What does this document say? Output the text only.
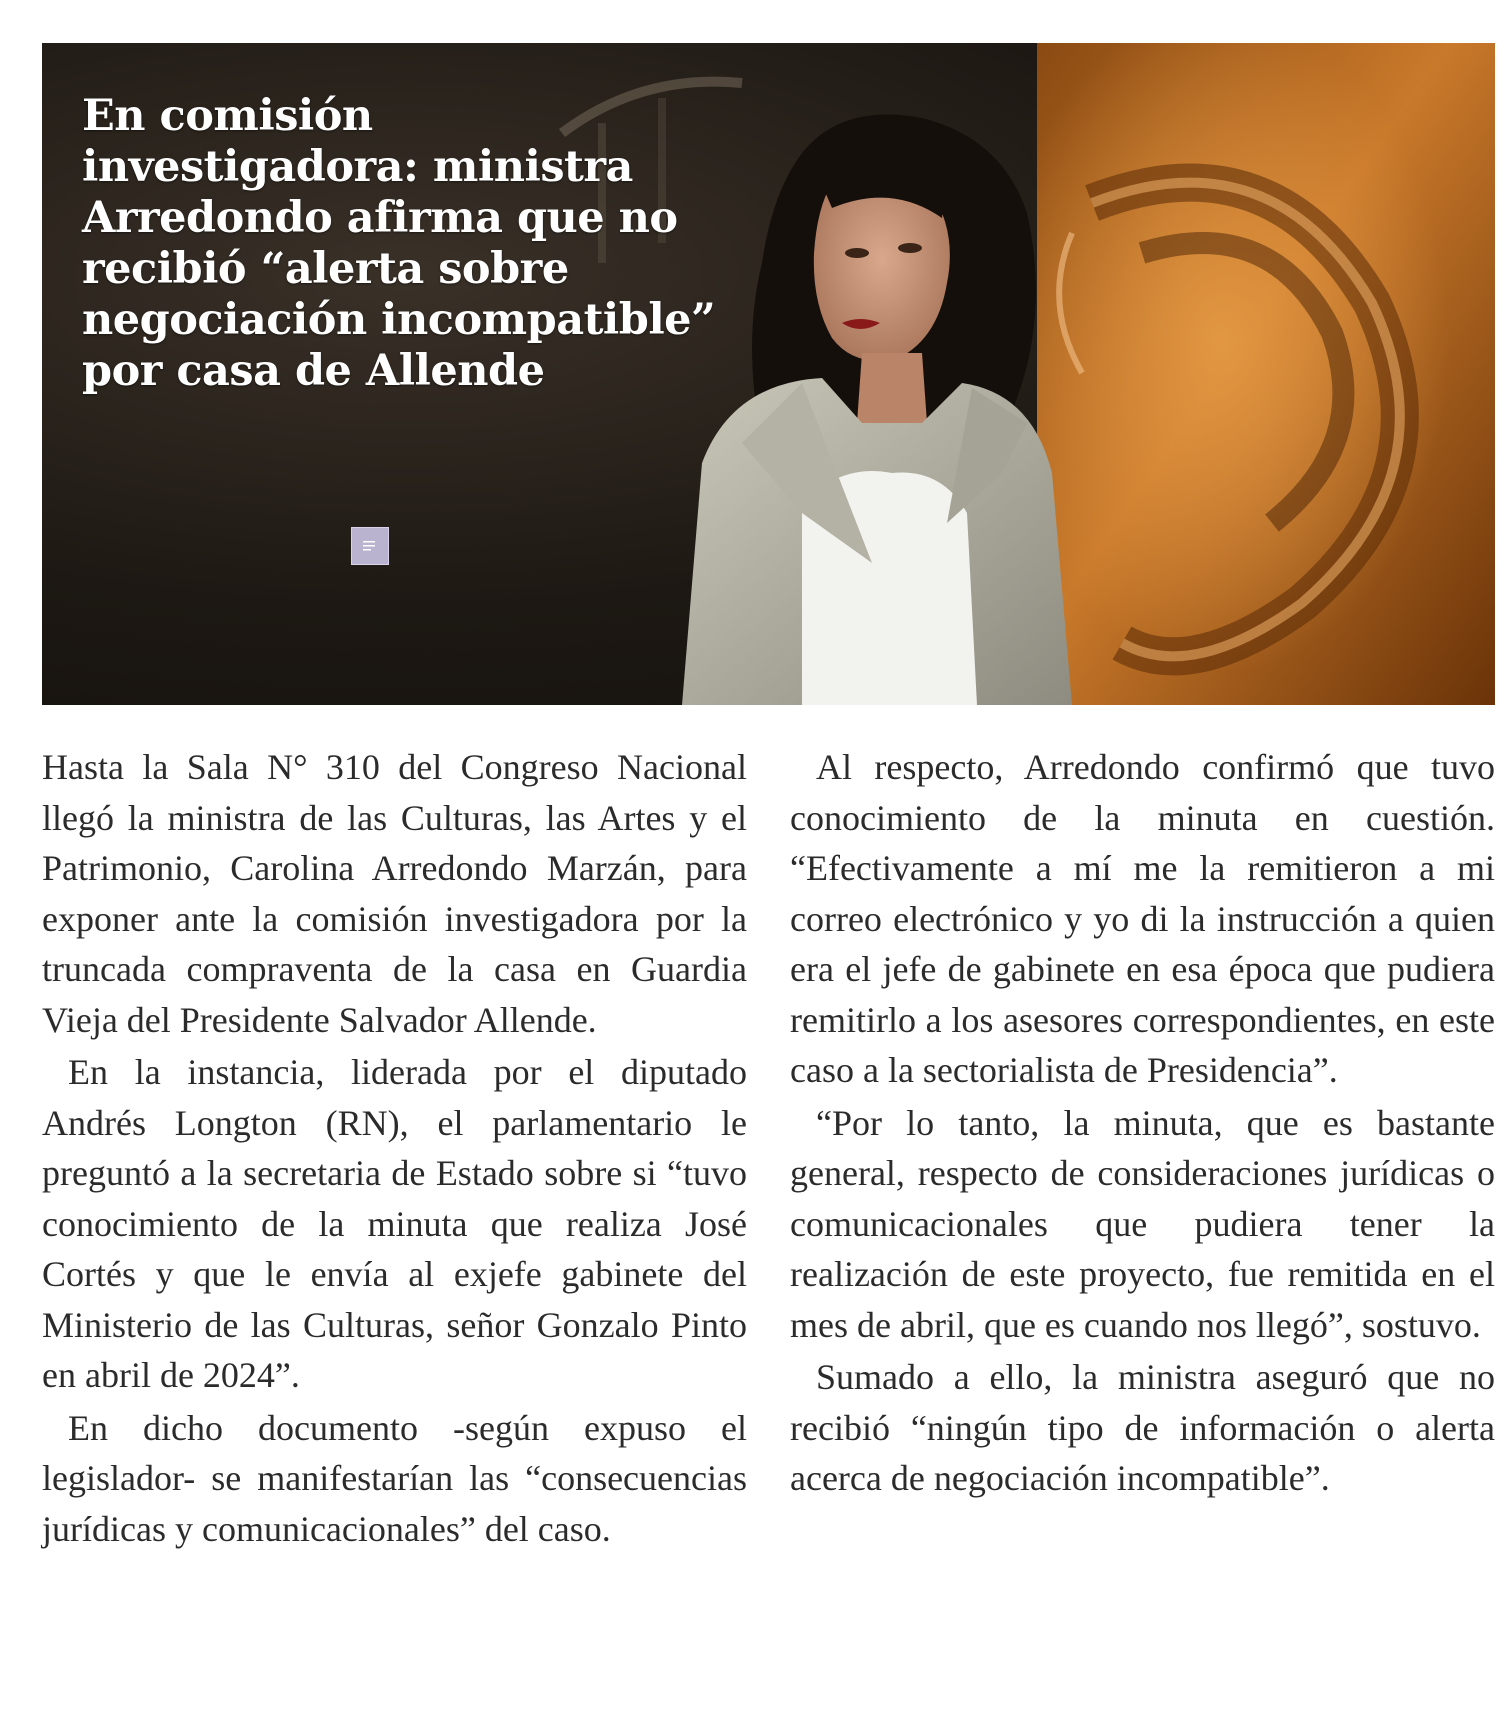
En comisión investigadora: ministra Arredondo afirma que no recibió “alerta sobre negociación incompatible” por casa de Allende

Hasta la Sala N° 310 del Congreso Nacional llegó la ministra de las Culturas, las Artes y el Patrimonio, Carolina Arredondo Marzán, para exponer ante la comisión investigadora por la truncada compraventa de la casa en Guardia Vieja del Presidente Salvador Allende.

En la instancia, liderada por el diputado Andrés Longton (RN), el parlamentario le preguntó a la secretaria de Estado sobre si “tuvo conocimiento de la minuta que realiza José Cortés y que le envía al exjefe gabinete del Ministerio de las Culturas, señor Gonzalo Pinto en abril de 2024”.

En dicho documento -según expuso el legislador- se manifestarían las “consecuencias jurídicas y comunicacionales” del caso.

Al respecto, Arredondo confirmó que tuvo conocimiento de la minuta en cuestión. “Efectivamente a mí me la remitieron a mi correo electrónico y yo di la instrucción a quien era el jefe de gabinete en esa época que pudiera remitirlo a los asesores correspondientes, en este caso a la sectorialista de Presidencia”.

“Por lo tanto, la minuta, que es bastante general, respecto de consideraciones jurídicas o comunicacionales que pudiera tener la realización de este proyecto, fue remitida en el mes de abril, que es cuando nos llegó”, sostuvo.

Sumado a ello, la ministra aseguró que no recibió “ningún tipo de información o alerta acerca de negociación incompatible”.
